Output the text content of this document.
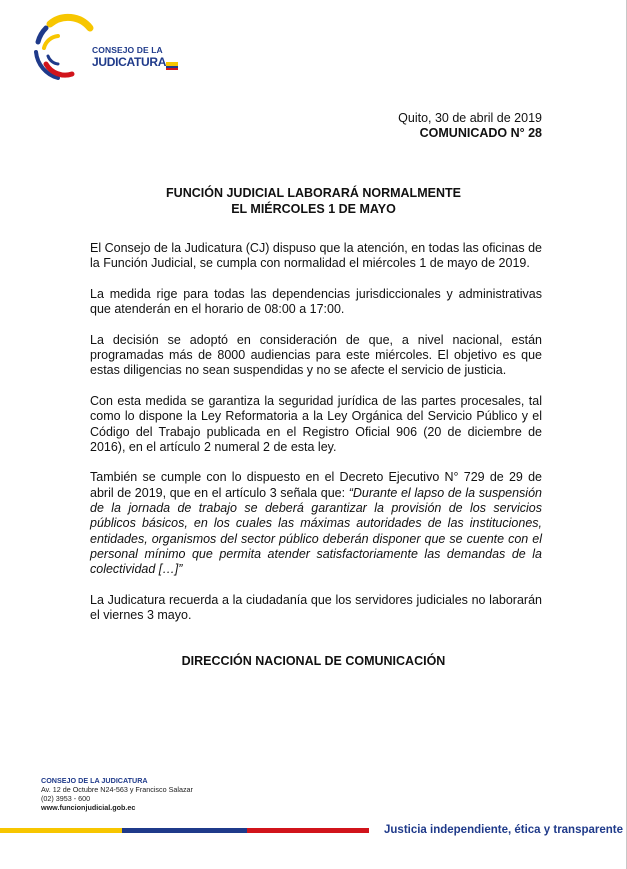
CONSEJO DE LA
JUDICATURA
Quito, 30 de abril de 2019
COMUNICADO N° 28
FUNCIÓN JUDICIAL LABORARÁ NORMALMENTE
EL MIÉRCOLES 1 DE MAYO

El Consejo de la Judicatura (CJ) dispuso que la atención, en todas las oficinas de la Función Judicial, se cumpla con normalidad el miércoles 1 de mayo de 2019.

La medida rige para todas las dependencias jurisdiccionales y administrativas que atenderán en el horario de 08:00 a 17:00.

La decisión se adoptó en consideración de que, a nivel nacional, están programadas más de 8000 audiencias para este miércoles. El objetivo es que estas diligencias no sean suspendidas y no se afecte el servicio de justicia.

Con esta medida se garantiza la seguridad jurídica de las partes procesales, tal como lo dispone la Ley Reformatoria a la Ley Orgánica del Servicio Público y el Código del Trabajo publicada en el Registro Oficial 906 (20 de diciembre de 2016), en el artículo 2 numeral 2 de esta ley.

También se cumple con lo dispuesto en el Decreto Ejecutivo N° 729 de 29 de abril de 2019, que en el artículo 3 señala que: “Durante el lapso de la suspensión de la jornada de trabajo se deberá garantizar la provisión de los servicios públicos básicos, en los cuales las máximas autoridades de las instituciones, entidades, organismos del sector público deberán disponer que se cuente con el personal mínimo que permita atender satisfactoriamente las demandas de la colectividad […]”

La Judicatura recuerda a la ciudadanía que los servidores judiciales no laborarán el viernes 3 mayo.

DIRECCIÓN NACIONAL DE COMUNICACIÓN
CONSEJO DE LA JUDICATURA
Av. 12 de Octubre N24-563 y Francisco Salazar
(02) 3953 - 600
www.funcionjudicial.gob.ec
Justicia independiente, ética y transparente
